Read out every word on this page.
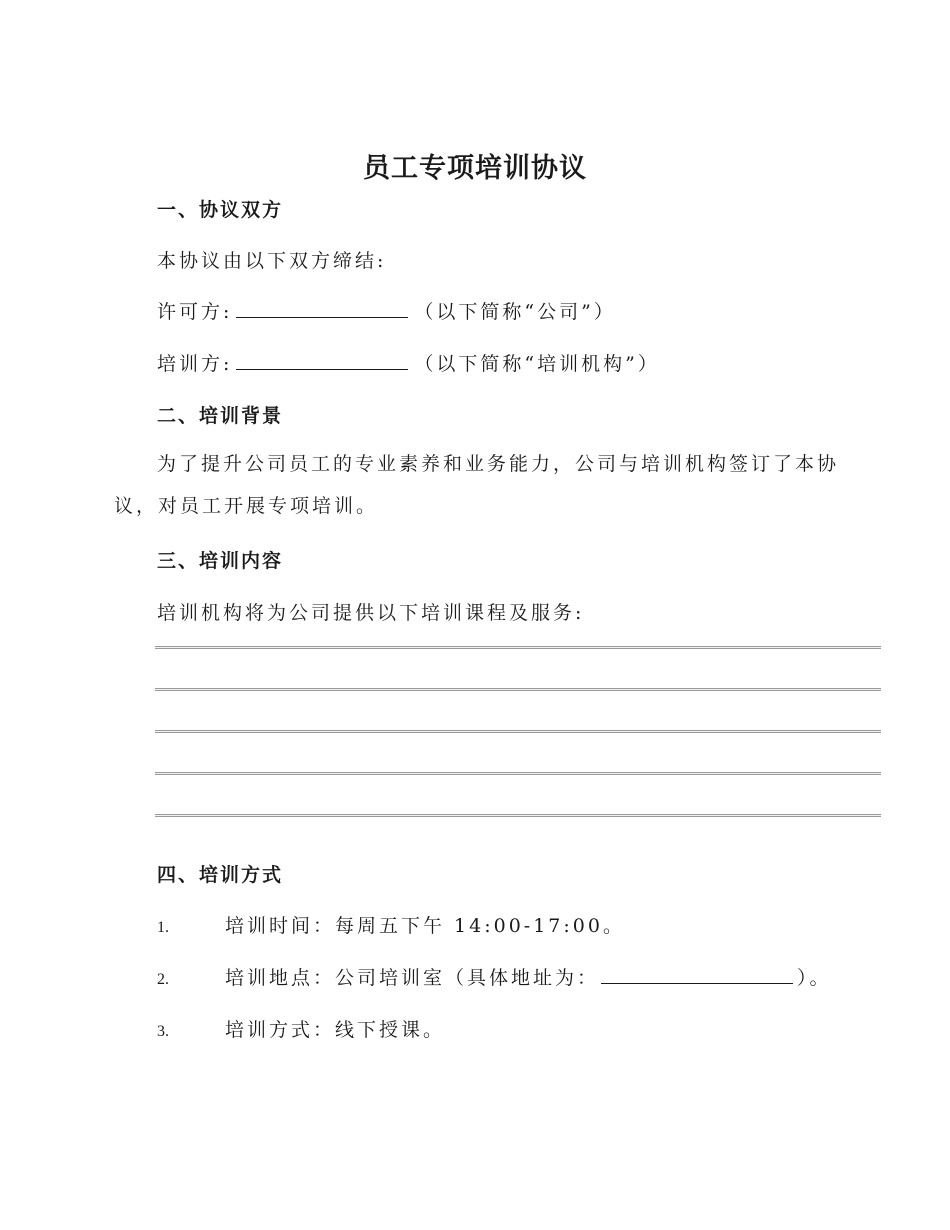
员工专项培训协议
一、协议双方
本协议由以下双方缔结:
许可方:	（以下简称“公司”）
培训方:	（以下简称“培训机构”）
二、培训背景
为了提升公司员工的专业素养和业务能力，公司与培训机构签订了本协议，对员工开展专项培训。
三、培训内容
培训机构将为公司提供以下培训课程及服务:
四、培训方式
1.	培训时间：每周五下午 14:00-17:00。
2.	培训地点：公司培训室（具体地址为：	）。
3.	培训方式：线下授课。
